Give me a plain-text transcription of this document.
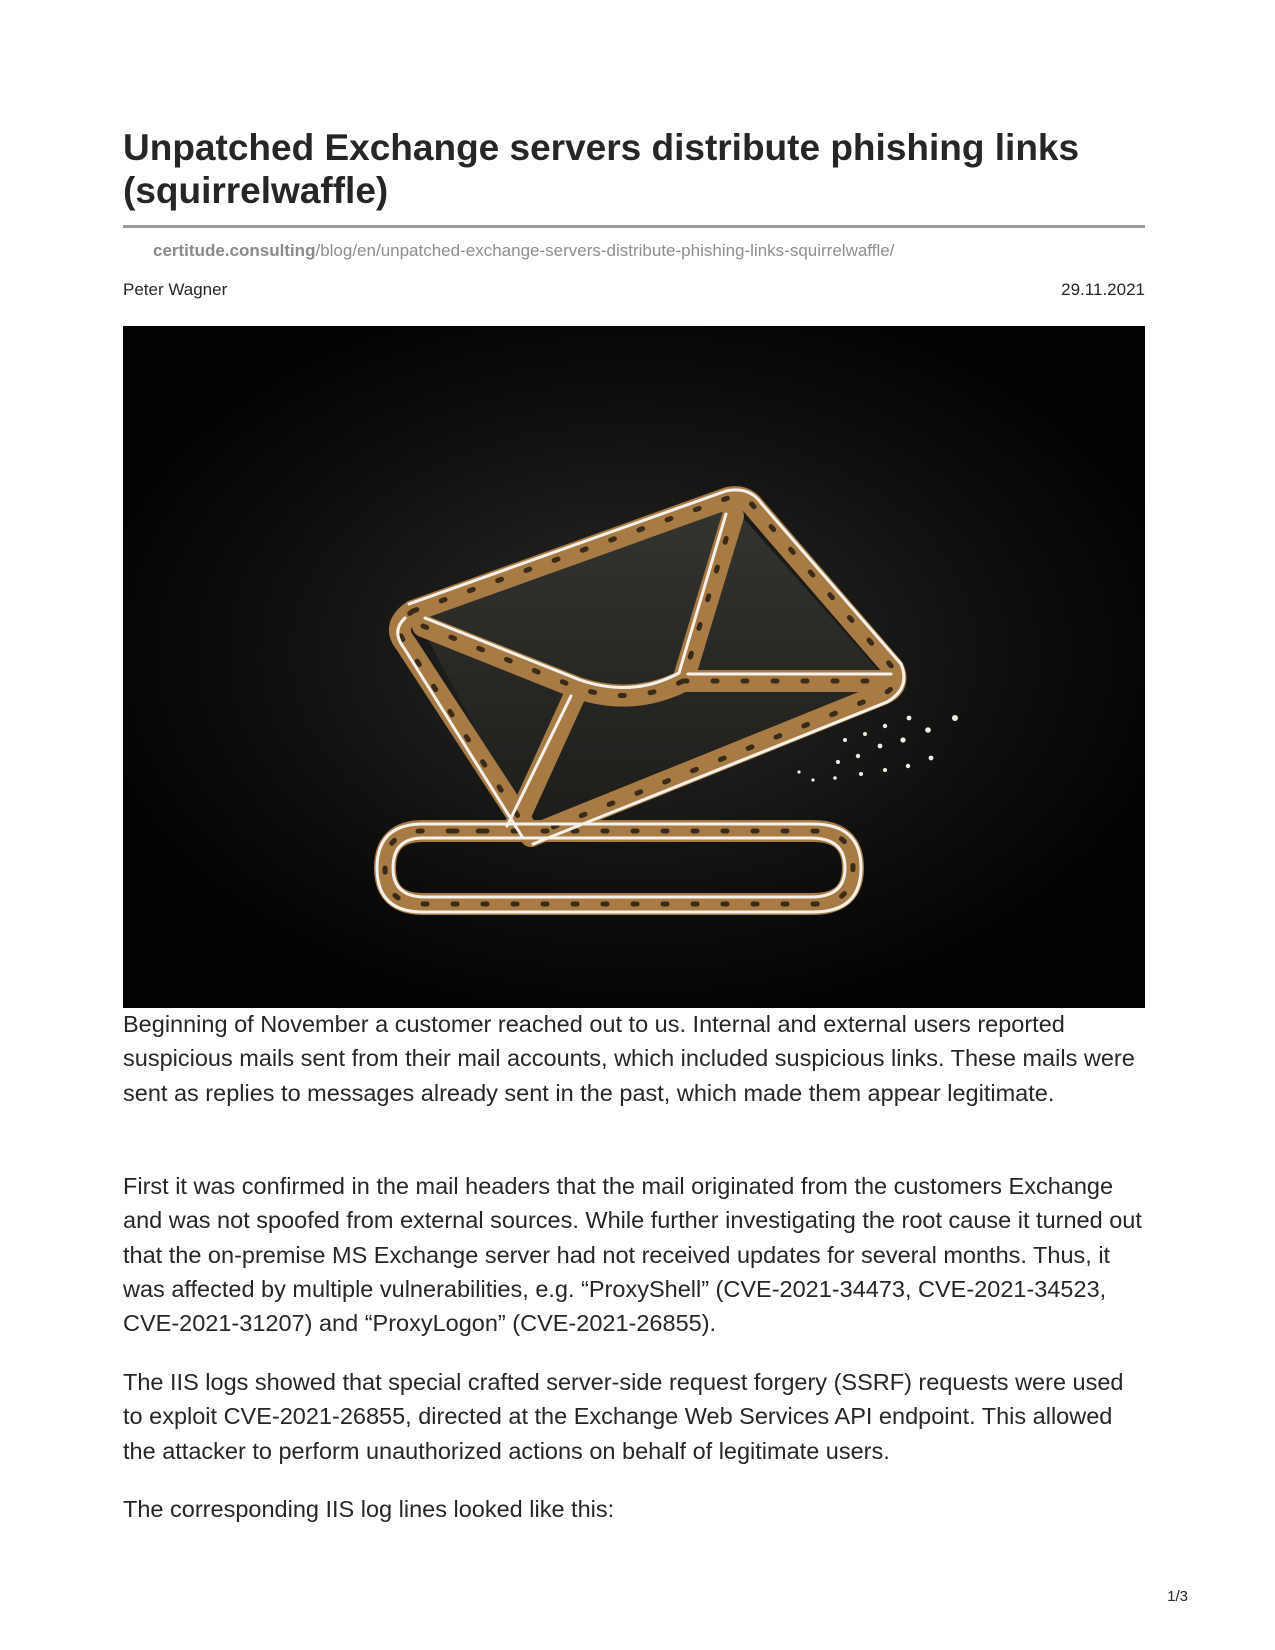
Unpatched Exchange servers distribute phishing links (squirrelwaffle)
certitude.consulting/blog/en/unpatched-exchange-servers-distribute-phishing-links-squirrelwaffle/
Peter Wagner	29.11.2021

Beginning of November a customer reached out to us. Internal and external users reported suspicious mails sent from their mail accounts, which included suspicious links. These mails were sent as replies to messages already sent in the past, which made them appear legitimate.

First it was confirmed in the mail headers that the mail originated from the customers Exchange and was not spoofed from external sources. While further investigating the root cause it turned out that the on-premise MS Exchange server had not received updates for several months. Thus, it was affected by multiple vulnerabilities, e.g. “ProxyShell” (CVE-2021-34473, CVE-2021-34523, CVE-2021-31207) and “ProxyLogon” (CVE-2021-26855).

The IIS logs showed that special crafted server-side request forgery (SSRF) requests were used to exploit CVE-2021-26855, directed at the Exchange Web Services API endpoint. This allowed the attacker to perform unauthorized actions on behalf of legitimate users.

The corresponding IIS log lines looked like this:

1/3
